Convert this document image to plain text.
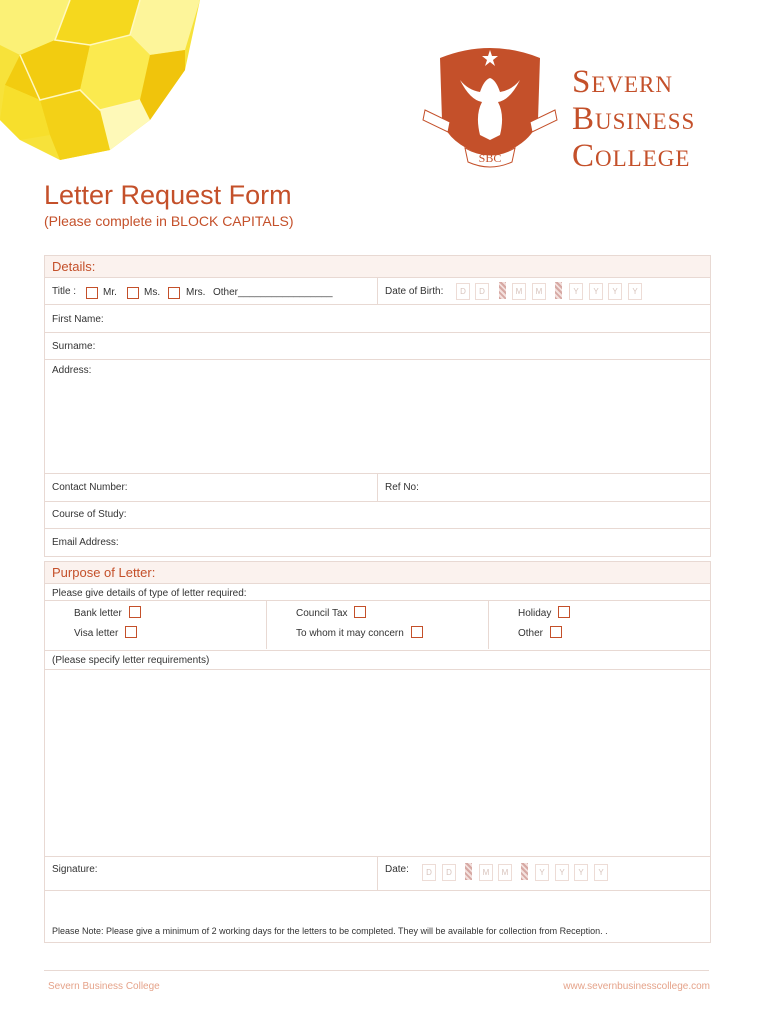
SBC
Severn
Business
College
Letter Request Form
(Please complete in BLOCK CAPITALS)
Details:
Title :	Mr.	Ms.	Mrs. Other_________________	Date of Birth:	D	D	M	M	Y	Y	Y	Y
First Name:
Surname:
Address:
Contact Number:	Ref No:
Course of Study:
Email Address:
Purpose of Letter:
Please give details of type of letter required:
Bank letter	Council Tax	Holiday
Visa letter	To whom it may concern	Other
(Please specify letter requirements)
Signature:	Date:	D	D	M	M	Y	Y	Y	Y
Please Note: Please give a minimum of 2 working days for the letters to be completed. They will be available for collection from Reception. .
Severn Business College	www.severnbusinesscollege.com
